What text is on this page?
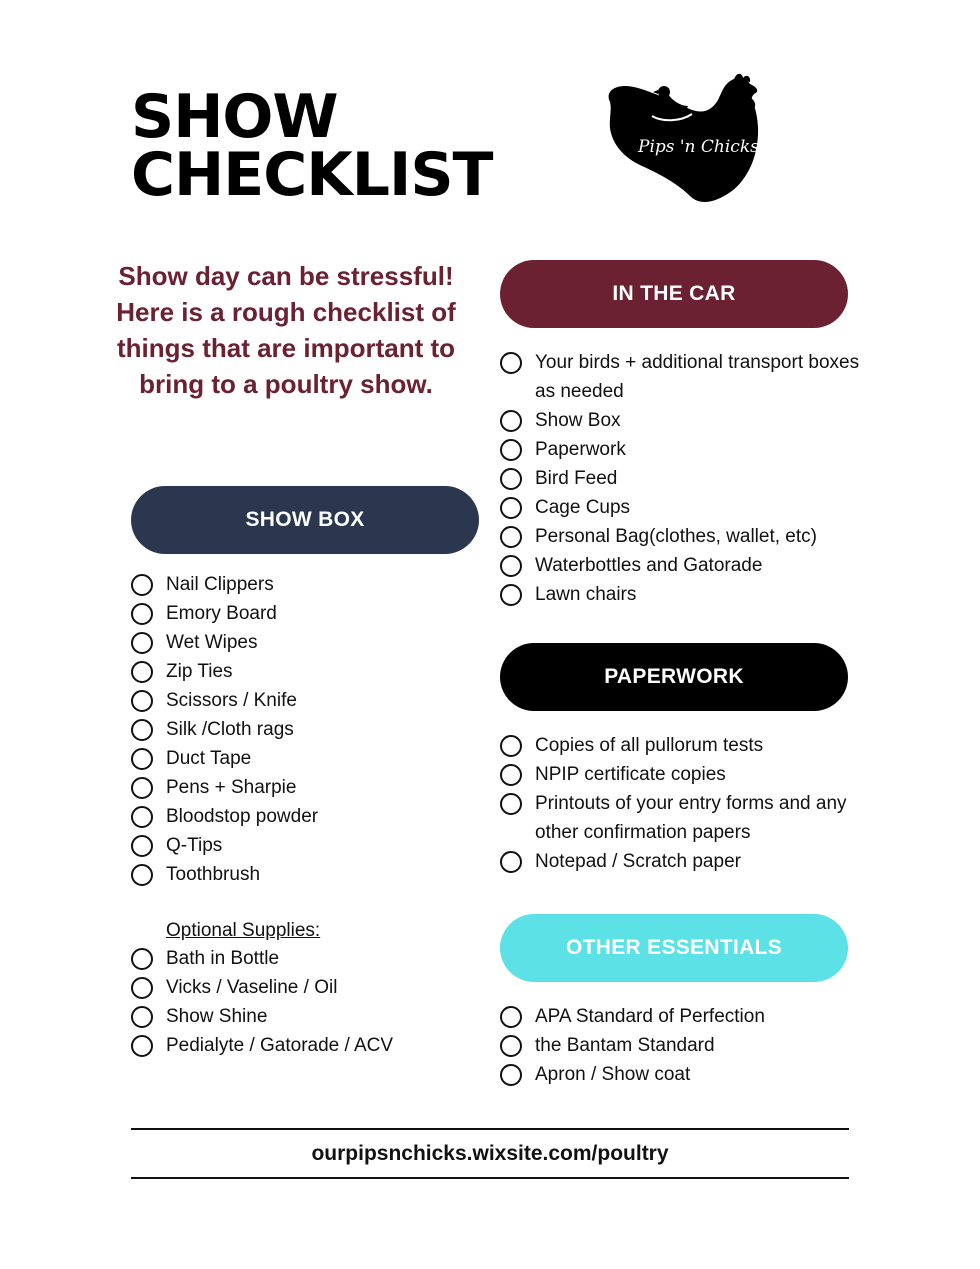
SHOW
CHECKLIST	Pips 'n Chicks

Show day can be stressful! Here is a rough checklist of things that are important to bring to a poultry show.

IN THE CAR
Your birds + additional transport boxes as needed
Show Box
Paperwork
Bird Feed
Cage Cups
Personal Bag(clothes, wallet, etc)
Waterbottles and Gatorade
Lawn chairs
SHOW BOX
Nail Clippers
Emory Board
Wet Wipes
Zip Ties
Scissors / Knife
Silk /Cloth rags
Duct Tape
Pens + Sharpie
Bloodstop powder
Q-Tips
Toothbrush
Optional Supplies:
Bath in Bottle
Vicks / Vaseline / Oil
Show Shine
Pedialyte / Gatorade / ACV
PAPERWORK
Copies of all pullorum tests
NPIP certificate copies
Printouts of your entry forms and any other confirmation papers
Notepad / Scratch paper
OTHER ESSENTIALS
APA Standard of Perfection
the Bantam Standard
Apron / Show coat
ourpipsnchicks.wixsite.com/poultry
